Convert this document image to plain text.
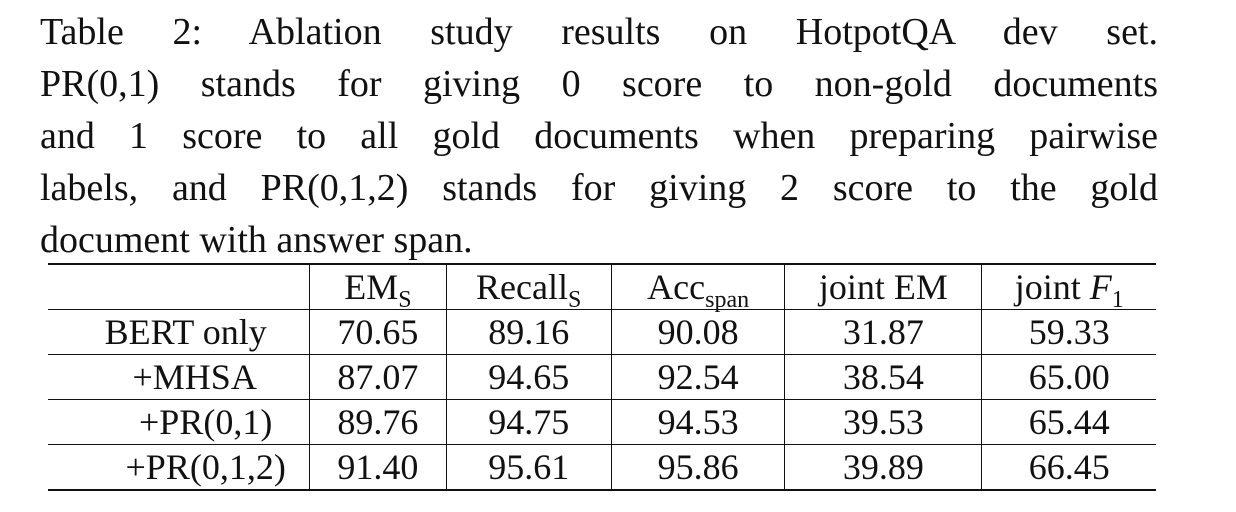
Table 2: Ablation study results on HotpotQA dev set.
PR(0,1) stands for giving 0 score to non-gold documents
and 1 score to all gold documents when preparing pairwise
labels, and PR(0,1,2) stands for giving 2 score to the gold
document with answer span.
	$EM_S$	Recall$_S$	Acc$_{span}$	joint EM	joint $F_1$
BERT only	70.65	89.16	90.08	31.87	59.33
+MHSA	87.07	94.65	92.54	38.54	65.00
+PR(0,1)	89.76	94.75	94.53	39.53	65.44
+PR(0,1,2)	91.40	95.61	95.86	39.89	66.45
